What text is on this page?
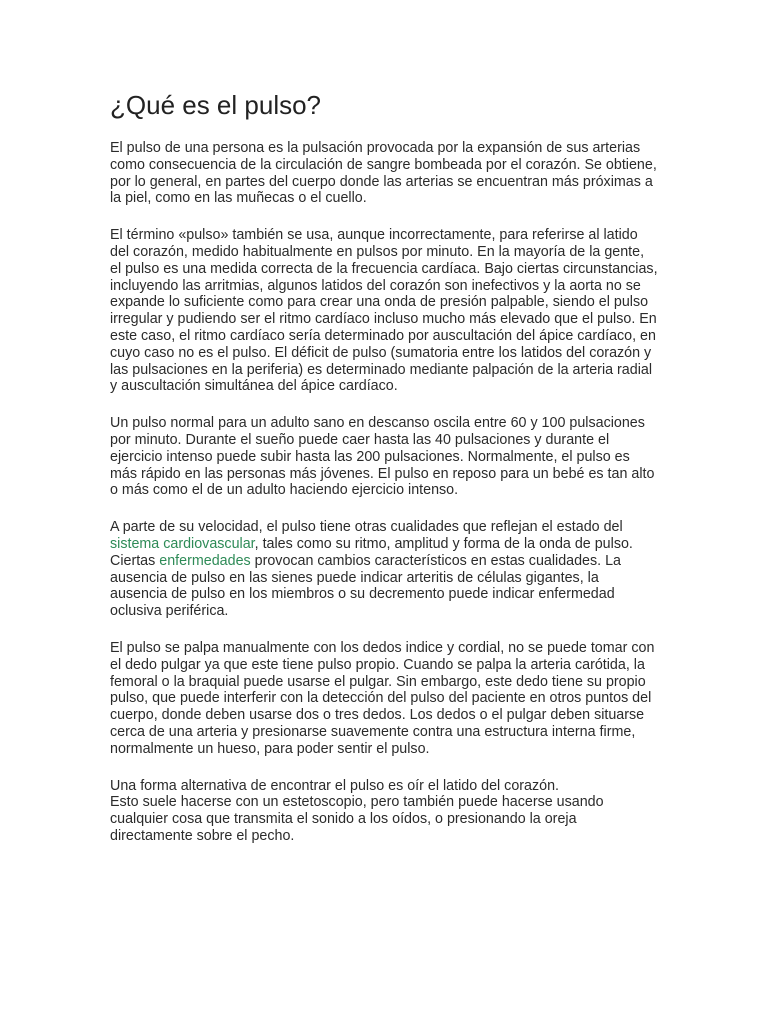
¿Qué es el pulso?

El pulso de una persona es la pulsación provocada por la expansión de sus arterias como consecuencia de la circulación de sangre bombeada por el corazón. Se obtiene, por lo general, en partes del cuerpo donde las arterias se encuentran más próximas a la piel, como en las muñecas o el cuello.

El término «pulso» también se usa, aunque incorrectamente, para referirse al latido del corazón, medido habitualmente en pulsos por minuto. En la mayoría de la gente, el pulso es una medida correcta de la frecuencia cardíaca. Bajo ciertas circunstancias, incluyendo las arritmias, algunos latidos del corazón son inefectivos y la aorta no se expande lo suficiente como para crear una onda de presión palpable, siendo el pulso irregular y pudiendo ser el ritmo cardíaco incluso mucho más elevado que el pulso. En este caso, el ritmo cardíaco sería determinado por auscultación del ápice cardíaco, en cuyo caso no es el pulso. El déficit de pulso (sumatoria entre los latidos del corazón y las pulsaciones en la periferia) es determinado mediante palpación de la arteria radial y auscultación simultánea del ápice cardíaco.

Un pulso normal para un adulto sano en descanso oscila entre 60 y 100 pulsaciones por minuto. Durante el sueño puede caer hasta las 40 pulsaciones y durante el ejercicio intenso puede subir hasta las 200 pulsaciones. Normalmente, el pulso es más rápido en las personas más jóvenes. El pulso en reposo para un bebé es tan alto o más como el de un adulto haciendo ejercicio intenso.

A parte de su velocidad, el pulso tiene otras cualidades que reflejan el estado del sistema cardiovascular, tales como su ritmo, amplitud y forma de la onda de pulso. Ciertas enfermedades provocan cambios característicos en estas cualidades. La ausencia de pulso en las sienes puede indicar arteritis de células gigantes, la ausencia de pulso en los miembros o su decremento puede indicar enfermedad oclusiva periférica.

El pulso se palpa manualmente con los dedos indice y cordial, no se puede tomar con el dedo pulgar ya que este tiene pulso propio. Cuando se palpa la arteria carótida, la femoral o la braquial puede usarse el pulgar. Sin embargo, este dedo tiene su propio pulso, que puede interferir con la detección del pulso del paciente en otros puntos del cuerpo, donde deben usarse dos o tres dedos. Los dedos o el pulgar deben situarse cerca de una arteria y presionarse suavemente contra una estructura interna firme, normalmente un hueso, para poder sentir el pulso.

Una forma alternativa de encontrar el pulso es oír el latido del corazón.
Esto suele hacerse con un estetoscopio, pero también puede hacerse usando cualquier cosa que transmita el sonido a los oídos, o presionando la oreja directamente sobre el pecho.
